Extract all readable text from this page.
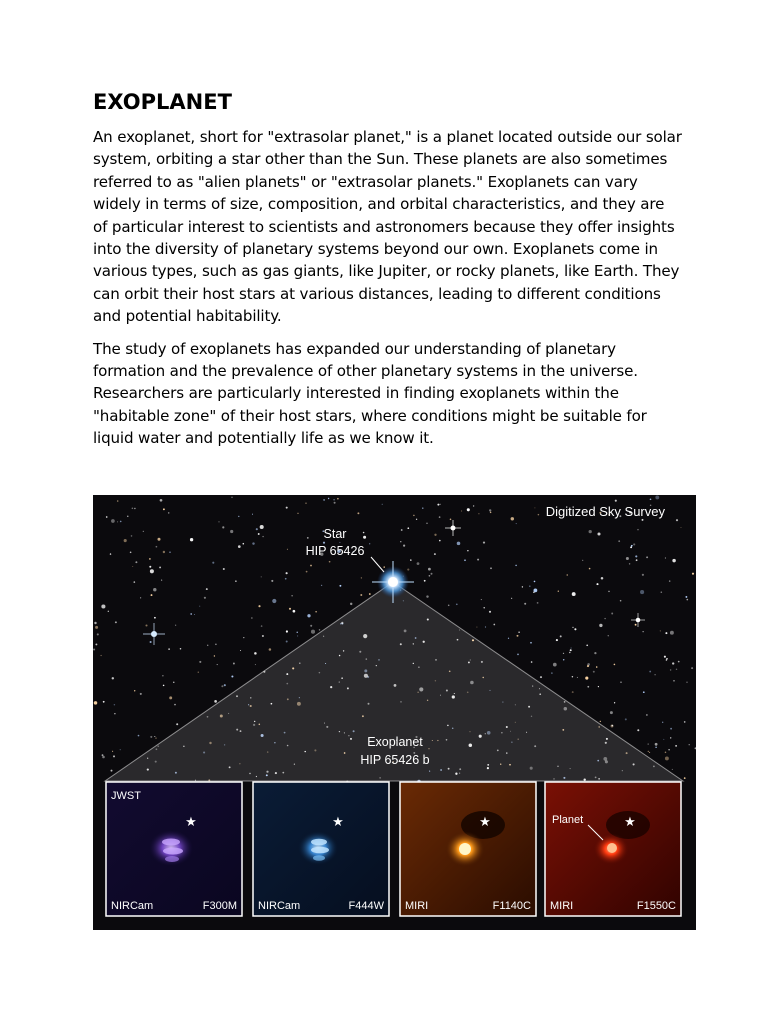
EXOPLANET

An exoplanet, short for "extrasolar planet," is a planet located outside our solar system, orbiting a star other than the Sun. These planets are also sometimes referred to as "alien planets" or "extrasolar planets." Exoplanets can vary widely in terms of size, composition, and orbital characteristics, and they are of particular interest to scientists and astronomers because they offer insights into the diversity of planetary systems beyond our own. Exoplanets come in various types, such as gas giants, like Jupiter, or rocky planets, like Earth. They can orbit their host stars at various distances, leading to different conditions and potential habitability.

The study of exoplanets has expanded our understanding of planetary formation and the prevalence of other planetary systems in the universe. Researchers are particularly interested in finding exoplanets within the "habitable zone" of their host stars, where conditions might be suitable for liquid water and potentially life as we know it.

Digitized Sky Survey
Star
HIP 65426
Exoplanet
HIP 65426 b
JWST
NIRCam	F300M
★
NIRCam	F444W
★
MIRI	F1140C
★	Planet
MIRI	F1550C
★
